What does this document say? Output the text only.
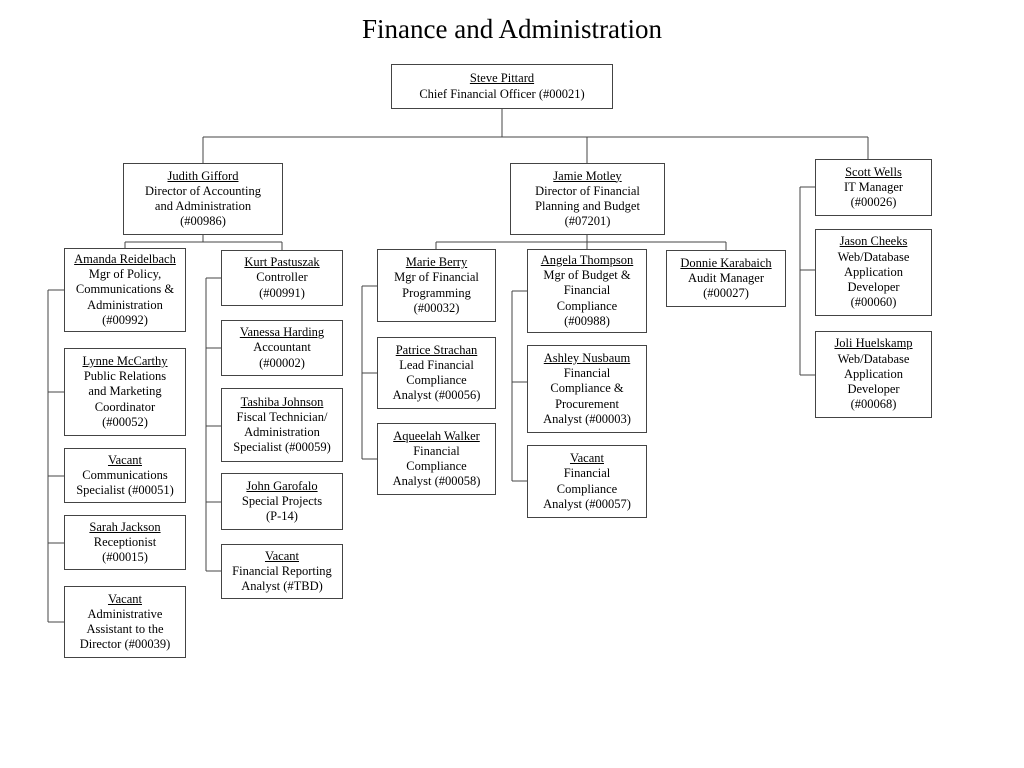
Finance and Administration
Steve Pittard
Chief Financial Officer (#00021)
Judith Gifford
Director of Accounting
and Administration
(#00986)
Jamie Motley
Director of Financial
Planning and Budget
(#07201)
Scott Wells
IT Manager
(#00026)
Amanda Reidelbach
Mgr of Policy,
Communications &
Administration
(#00992)
Lynne McCarthy
Public Relations
and Marketing
Coordinator
(#00052)
Vacant
Communications
Specialist (#00051)
Sarah Jackson
Receptionist
(#00015)
Vacant
Administrative
Assistant to the
Director (#00039)
Kurt Pastuszak
Controller
(#00991)
Vanessa Harding
Accountant
(#00002)
Tashiba Johnson
Fiscal Technician/
Administration
Specialist (#00059)
John Garofalo
Special Projects
(P-14)
Vacant
Financial Reporting
Analyst (#TBD)
Marie Berry
Mgr of Financial
Programming
(#00032)
Patrice Strachan
Lead Financial
Compliance
Analyst (#00056)
Aqueelah Walker
Financial
Compliance
Analyst (#00058)
Angela Thompson
Mgr of Budget &
Financial
Compliance
(#00988)
Ashley Nusbaum
Financial
Compliance &
Procurement
Analyst (#00003)
Vacant
Financial
Compliance
Analyst (#00057)
Donnie Karabaich
Audit Manager
(#00027)
Jason Cheeks
Web/Database
Application
Developer
(#00060)
Joli Huelskamp
Web/Database
Application
Developer
(#00068)
